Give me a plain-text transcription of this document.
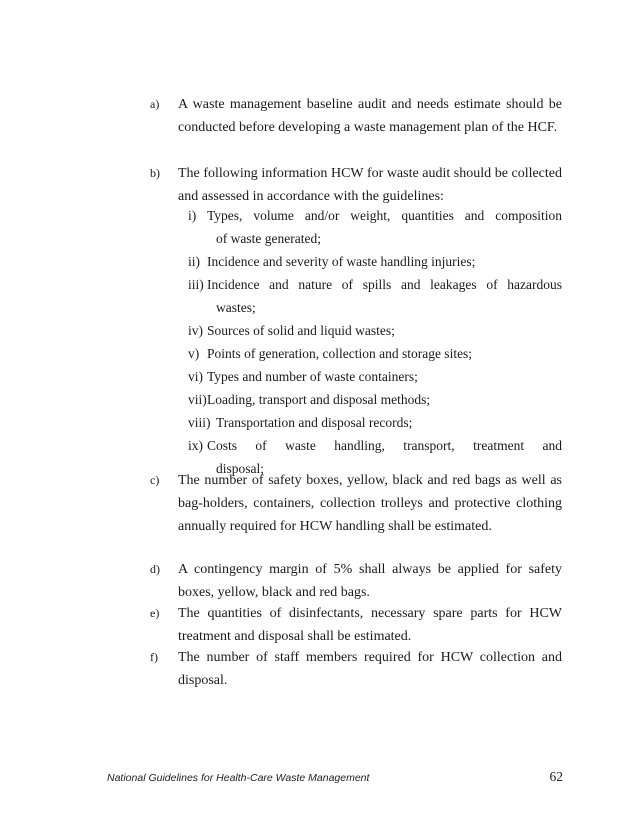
a) A waste management baseline audit and needs estimate should be conducted before developing a waste management plan of the HCF.
b) The following information HCW for waste audit should be collected and assessed in accordance with the guidelines:
i) Types, volume and/or weight, quantities and composition
of waste generated;
ii) Incidence and severity of waste handling injuries;
iii) Incidence and nature of spills and leakages of hazardous
wastes;
iv) Sources of solid and liquid wastes;
v) Points of generation, collection and storage sites;
vi) Types and number of waste containers;
vii) Loading, transport and disposal methods;
viii) Transportation and disposal records;
ix) Costs of waste handling, transport, treatment and
disposal;
c) The number of safety boxes, yellow, black and red bags as well as bag-holders, containers, collection trolleys and protective clothing annually required for HCW handling shall be estimated.
d) A contingency margin of 5% shall always be applied for safety boxes, yellow, black and red bags.
e) The quantities of disinfectants, necessary spare parts for HCW treatment and disposal shall be estimated.
f) The number of staff members required for HCW collection and disposal.
National Guidelines for Health-Care Waste Management	62
